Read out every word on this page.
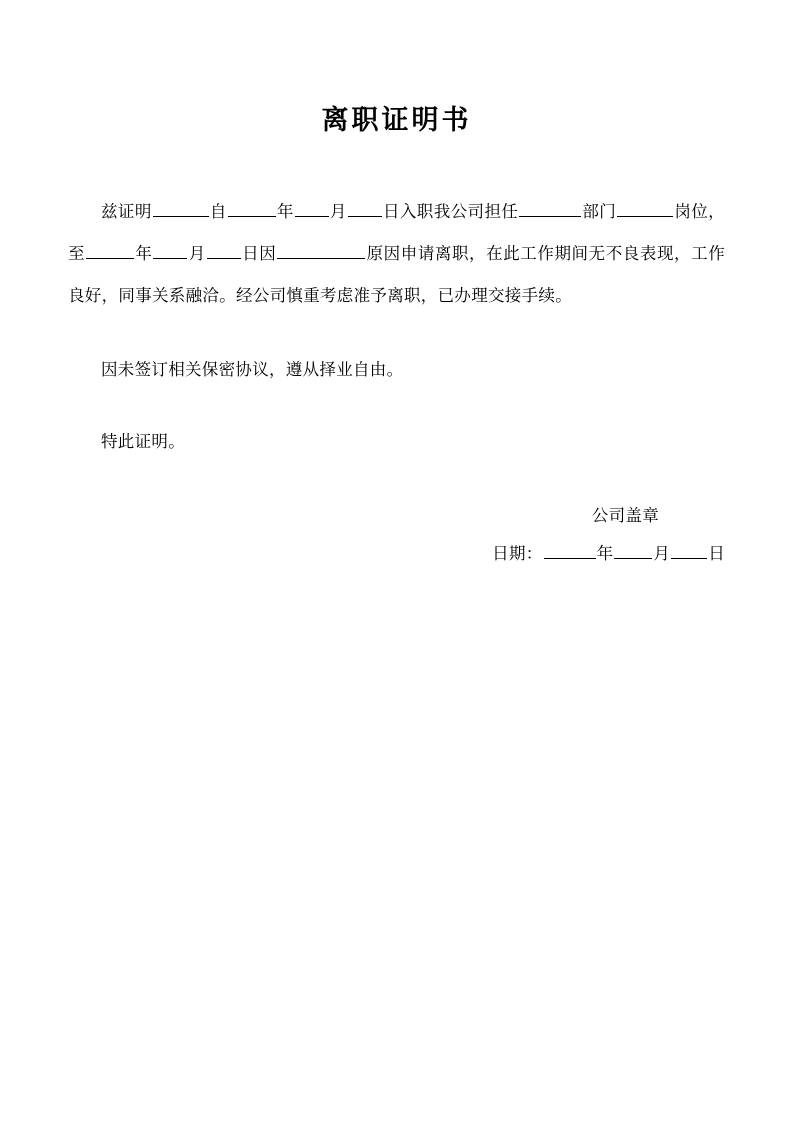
离职证明书

兹证明	自	年 月 日入职我公司担任	部门	岗位，至	年 月 日因	原因申请离职，在此工作期间无不良表现，工作良好，同事关系融洽。经公司慎重考虑准予离职，已办理交接手续。

因未签订相关保密协议，遵从择业自由。

特此证明。

公司盖章
日期：	年 月 日
